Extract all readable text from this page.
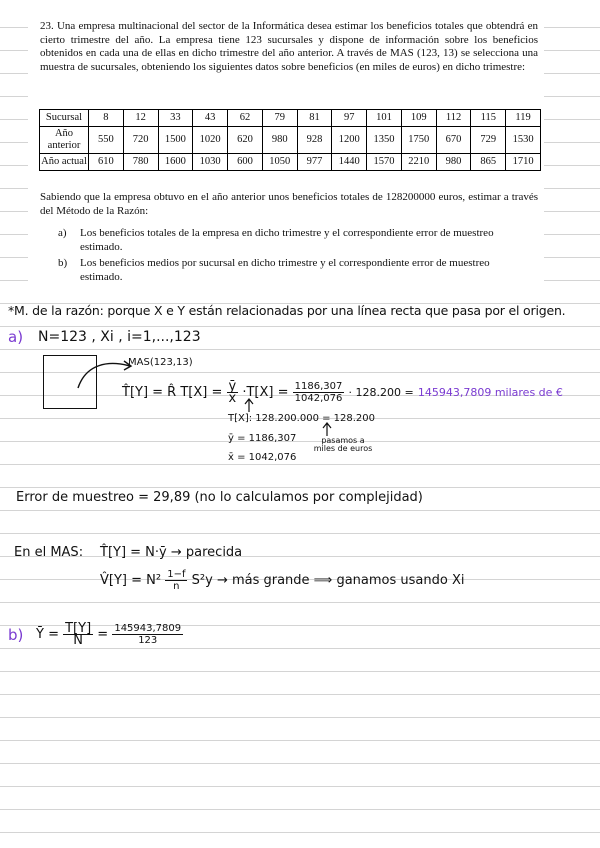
23. Una empresa multinacional del sector de la Informática desea estimar los beneficios totales que obtendrá en cierto trimestre del año. La empresa tiene 123 sucursales y dispone de información sobre los beneficios obtenidos en cada una de ellas en dicho trimestre del año anterior. A través de MAS (123, 13) se selecciona una muestra de sucursales, obteniendo los siguientes datos sobre beneficios (en miles de euros) en dicho trimestre:

Sucursal	8	12	33	43	62	79	81	97	101	109	112	115	119
Año anterior	550	720	1500	1020	620	980	928	1200	1350	1750	670	729	1530
Año actual	610	780	1600	1030	600	1050	977	1440	1570	2210	980	865	1710

Sabiendo que la empresa obtuvo en el año anterior unos beneficios totales de 128200000 euros, estimar a través del Método de la Razón:

a)	Los beneficios totales de la empresa en dicho trimestre y el correspondiente error de muestreo estimado.
b)	Los beneficios medios por sucursal en dicho trimestre y el correspondiente error de muestreo estimado.
*M. de la razón: porque X e Y están relacionadas por una línea recta que pasa por el origen.
a) N=123 , Xi , i=1,...,123
MAS(123,13)
T̂[Y] = R̂ $T[X] = \frac{ȳ}{x̄} \cdot T[X] = \frac{1186,307}{1042,076} \cdot 128.200 = 145943,7809$ milares de €
T[X]: 128.200.000 = 128.200
ȳ = 1186,307	pasamos a miles de euros
x̄ = 1042,076
Error de muestreo = 29,89 (no lo calculamos por complejidad)
En el MAS: T̂[Y] = N·ȳ → parecida
V̂[Y] = $N^2 \frac{1-f}{n} S^2y$ → más grande ⟹ ganamos usando Xi
b) Ȳ = $\frac{T[Y]}{N} = \frac{145943,7809}{123}$
